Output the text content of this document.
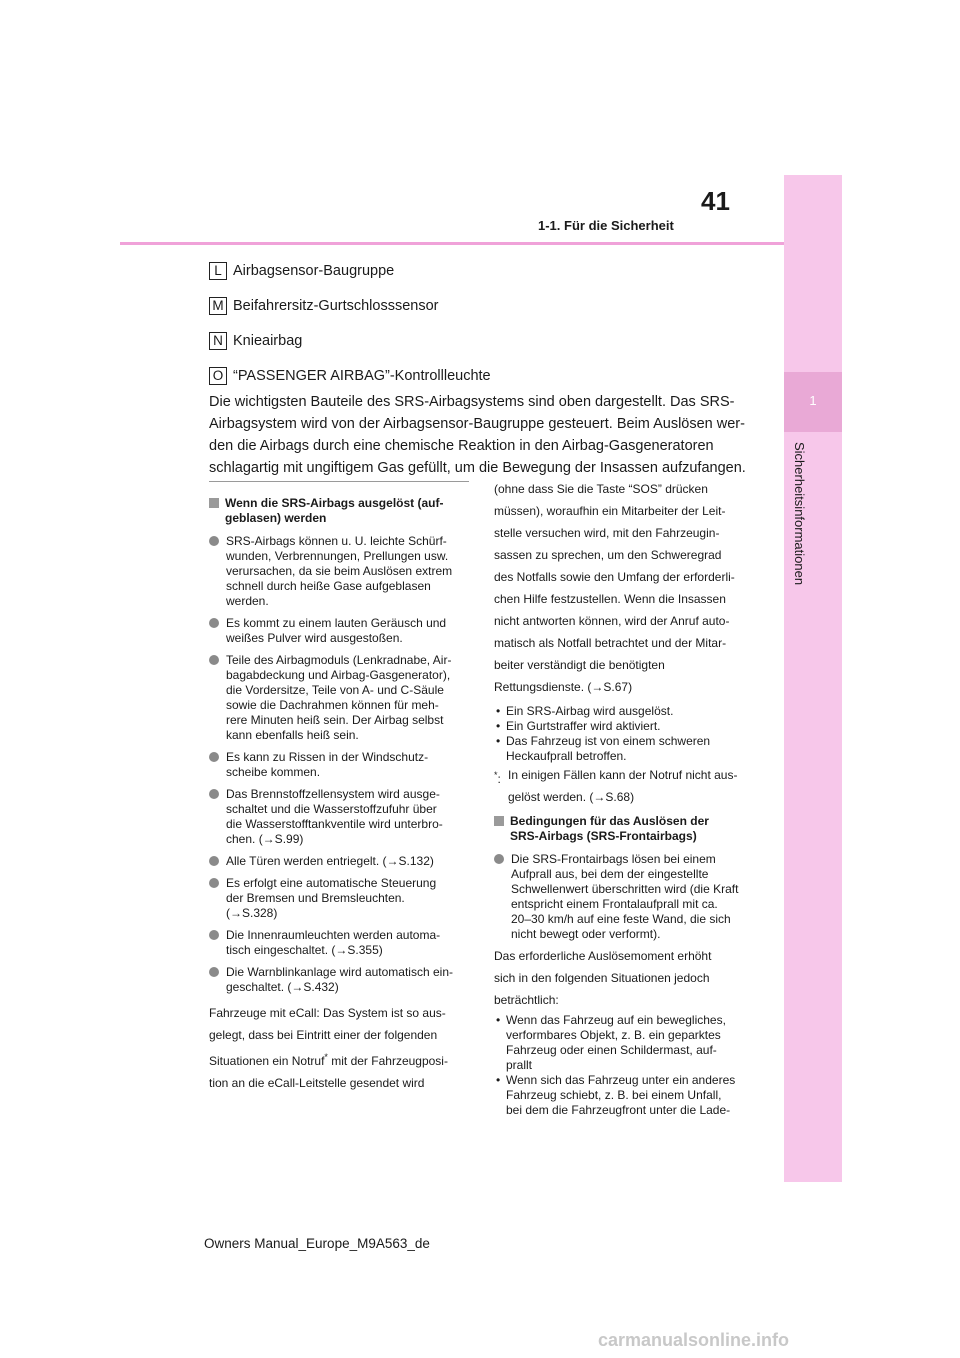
41
1-1. Für die Sicherheit
1
Sicherheitsinformationen
L Airbagsensor-Baugruppe
M Beifahrersitz-Gurtschlosssensor
N Knieairbag
O “PASSENGER AIRBAG”-Kontrollleuchte
Die wichtigsten Bauteile des SRS-Airbagsystems sind oben dargestellt. Das SRS-
Airbagsystem wird von der Airbagsensor-Baugruppe gesteuert. Beim Auslösen wer-
den die Airbags durch eine chemische Reaktion in den Airbag-Gasgeneratoren
schlagartig mit ungiftigem Gas gefüllt, um die Bewegung der Insassen aufzufangen.
Wenn die SRS-Airbags ausgelöst (auf-
geblasen) werden
SRS-Airbags können u. U. leichte Schürf-
wunden, Verbrennungen, Prellungen usw.
verursachen, da sie beim Auslösen extrem
schnell durch heiße Gase aufgeblasen
werden.
Es kommt zu einem lauten Geräusch und
weißes Pulver wird ausgestoßen.
Teile des Airbagmoduls (Lenkradnabe, Air-
bagabdeckung und Airbag-Gasgenerator),
die Vordersitze, Teile von A- und C-Säule
sowie die Dachrahmen können für meh-
rere Minuten heiß sein. Der Airbag selbst
kann ebenfalls heiß sein.
Es kann zu Rissen in der Windschutz-
scheibe kommen.
Das Brennstoffzellensystem wird ausge-
schaltet und die Wasserstoffzufuhr über
die Wasserstofftankventile wird unterbro-
chen. (→S.99)
Alle Türen werden entriegelt. (→S.132)
Es erfolgt eine automatische Steuerung
der Bremsen und Bremsleuchten.
(→S.328)
Die Innenraumleuchten werden automa-
tisch eingeschaltet. (→S.355)
Die Warnblinkanlage wird automatisch ein-
geschaltet. (→S.432)
Fahrzeuge mit eCall: Das System ist so aus-
gelegt, dass bei Eintritt einer der folgenden
Situationen ein Notruf* mit der Fahrzeugposi-
tion an die eCall-Leitstelle gesendet wird
(ohne dass Sie die Taste “SOS” drücken
müssen), woraufhin ein Mitarbeiter der Leit-
stelle versuchen wird, mit den Fahrzeugin-
sassen zu sprechen, um den Schweregrad
des Notfalls sowie den Umfang der erforderli-
chen Hilfe festzustellen. Wenn die Insassen
nicht antworten können, wird der Anruf auto-
matisch als Notfall betrachtet und der Mitar-
beiter verständigt die benötigten
Rettungsdienste. (→S.67)
• Ein SRS-Airbag wird ausgelöst.
• Ein Gurtstraffer wird aktiviert.
• Das Fahrzeug ist von einem schweren
Heckaufprall betroffen.
*: In einigen Fällen kann der Notruf nicht aus-
gelöst werden. (→S.68)
Bedingungen für das Auslösen der
SRS-Airbags (SRS-Frontairbags)
Die SRS-Frontairbags lösen bei einem
Aufprall aus, bei dem der eingestellte
Schwellenwert überschritten wird (die Kraft
entspricht einem Frontalaufprall mit ca.
20–30 km/h auf eine feste Wand, die sich
nicht bewegt oder verformt).
Das erforderliche Auslösemoment erhöht
sich in den folgenden Situationen jedoch
beträchtlich:
• Wenn das Fahrzeug auf ein bewegliches,
verformbares Objekt, z. B. ein geparktes
Fahrzeug oder einen Schildermast, auf-
prallt
• Wenn sich das Fahrzeug unter ein anderes
Fahrzeug schiebt, z. B. bei einem Unfall,
bei dem die Fahrzeugfront unter die Lade-
Owners Manual_Europe_M9A563_de
carmanualsonline.info
